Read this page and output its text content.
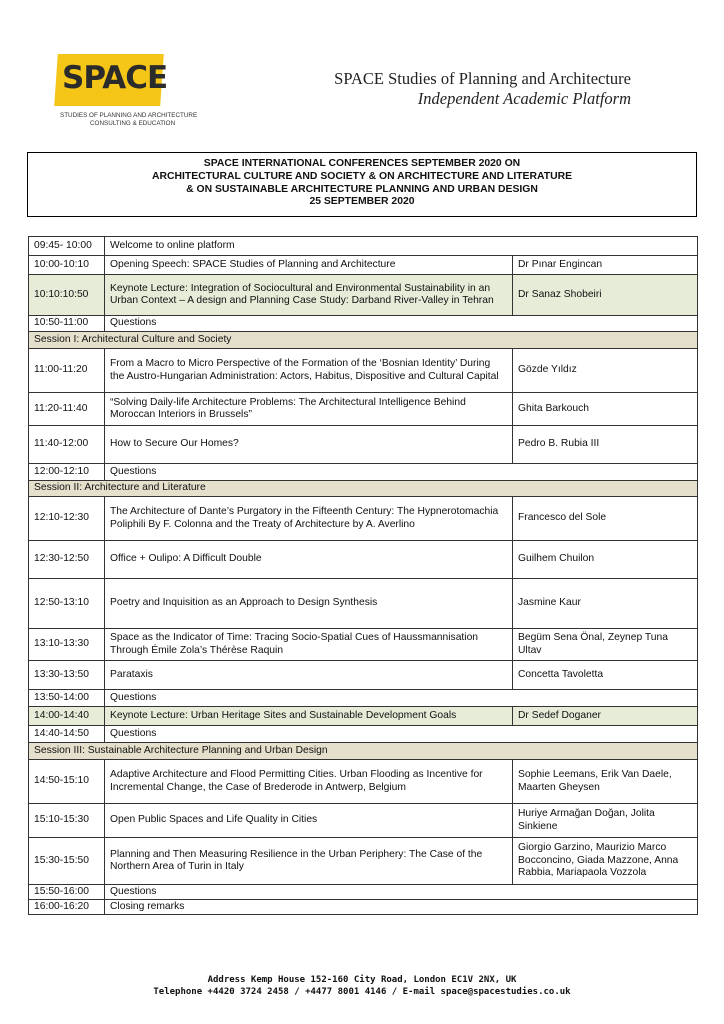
SPACE
STUDIES OF PLANNING AND ARCHITECTURE
CONSULTING & EDUCATION
SPACE Studies of Planning and Architecture
Independent Academic Platform
SPACE INTERNATIONAL CONFERENCES SEPTEMBER 2020 ON
ARCHITECTURAL CULTURE AND SOCIETY & ON ARCHITECTURE AND LITERATURE
& ON SUSTAINABLE ARCHITECTURE PLANNING AND URBAN DESIGN
25 SEPTEMBER 2020
09:45- 10:00	Welcome to online platform	
10:00-10:10	Opening Speech: SPACE Studies of Planning and Architecture	Dr Pınar Engincan
10:10:10:50	Keynote Lecture: Integration of Sociocultural and Environmental Sustainability in an Urban Context – A design and Planning Case Study: Darband River-Valley in Tehran	Dr Sanaz Shobeiri
10:50-11:00	Questions	
Session I: Architectural Culture and Society		
11:00-11:20	From a Macro to Micro Perspective of the Formation of the ‘Bosnian Identity’ During the Austro-Hungarian Administration: Actors, Habitus, Dispositive and Cultural Capital	Gözde Yıldız
11:20-11:40	“Solving Daily-life Architecture Problems: The Architectural Intelligence Behind Moroccan Interiors in Brussels”	Ghita Barkouch
11:40-12:00	How to Secure Our Homes?	Pedro B. Rubia III
12:00-12:10	Questions	
Session II: Architecture and Literature		
12:10-12:30	The Architecture of Dante’s Purgatory in the Fifteenth Century: The Hypnerotomachia Poliphili By F. Colonna and the Treaty of Architecture by A. Averlino	Francesco del Sole
12:30-12:50	Office + Oulipo: A Difficult Double	Guilhem Chuilon
12:50-13:10	Poetry and Inquisition as an Approach to Design Synthesis	Jasmine Kaur
13:10-13:30	Space as the Indicator of Time: Tracing Socio-Spatial Cues of Haussmannisation Through Émile Zola’s Thérèse Raquin	Begüm Sena Önal, Zeynep Tuna Ultav
13:30-13:50	Parataxis	Concetta Tavoletta
13:50-14:00	Questions	
14:00-14:40	Keynote Lecture: Urban Heritage Sites and Sustainable Development Goals	Dr Sedef Doganer
14:40-14:50	Questions	
Session III: Sustainable Architecture Planning and Urban Design		
14:50-15:10	Adaptive Architecture and Flood Permitting Cities. Urban Flooding as Incentive for Incremental Change, the Case of Brederode in Antwerp, Belgium	Sophie Leemans, Erik Van Daele, Maarten Gheysen
15:10-15:30	Open Public Spaces and Life Quality in Cities	Huriye Armağan Doğan, Jolita Sinkiene
15:30-15:50	Planning and Then Measuring Resilience in the Urban Periphery: The Case of the Northern Area of Turin in Italy	Giorgio Garzino, Maurizio Marco Bocconcino, Giada Mazzone, Anna Rabbia, Mariapaola Vozzola
15:50-16:00	Questions	
16:00-16:20	Closing remarks	
Address Kemp House 152-160 City Road, London EC1V 2NX, UK
Telephone +4420 3724 2458 / +4477 8001 4146 / E-mail space@spacestudies.co.uk
